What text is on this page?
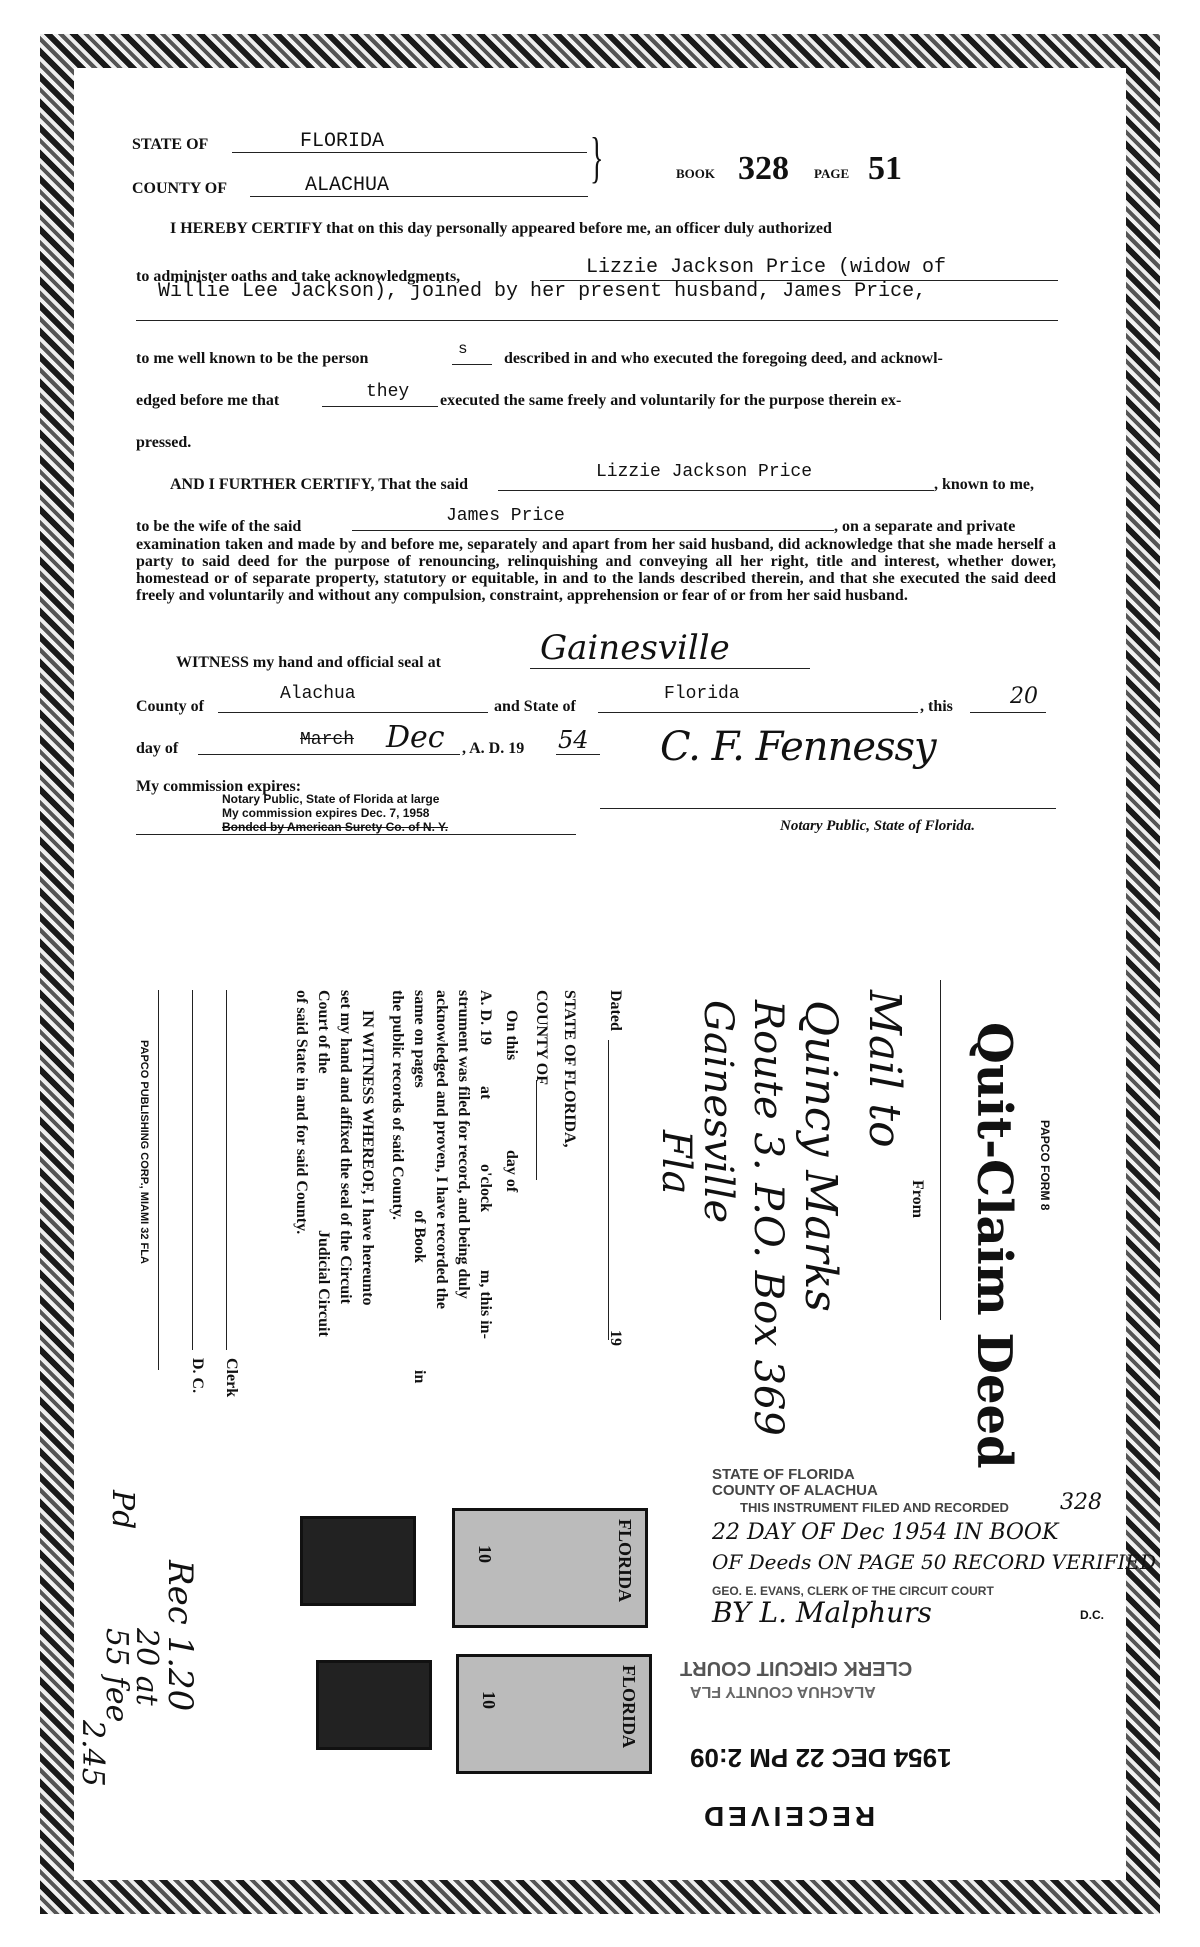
STATE OF	FLORIDA
COUNTY OF	ALACHUA	}	BOOK 328 PAGE 51
I HEREBY CERTIFY that on this day personally appeared before me, an officer duly authorized
to administer oaths and take acknowledgments,	Lizzie Jackson Price (widow of
Willie Lee Jackson), joined by her present husband, James Price,
to me well known to be the person
s
described in and who executed the foregoing deed, and acknowl-
edged before me that	they executed the same freely and voluntarily for the purpose therein ex-
pressed.
AND I FURTHER CERTIFY, That the said
Lizzie Jackson Price
, known to me,
to be the wife of the said
James Price
, on a separate and private
examination taken and made by and before me, separately and apart from her said husband, did acknowledge that she made herself a party to said deed for the purpose of renouncing, relinquishing and conveying all her right, title and interest, whether dower, homestead or of separate property, statutory or equitable, in and to the lands described therein, and that she executed the said deed freely and voluntarily and without any compulsion, constraint, apprehension or fear of or from her said husband.
WITNESS my hand and official seal at	Gainesville
County of
Alachua
and State of
Florida
, this	20
day of	March Dec , A. D. 19 54 C. F. Fennessy
Notary Public, State of Florida.
My commission expires:
Notary Public, State of Florida at large
My commission expires Dec. 7, 1958
Bonded by American Surety Co. of N. Y.
PAPCO FORM 8
Quit-Claim Deed
From
Mail to
Quincy Marks
Route 3. P.O. Box 369
Gainesville
Fla
Dated
19
STATE OF FLORIDA,
COUNTY OF
On this
day of
A. D. 19
at
o'clock
m, this in-
strument was filed for record, and being duly
acknowledged and proven, I have recorded the
same on pages
of Book
in
the public records of said County.
IN WITNESS WHEREOF, I have hereunto
set my hand and affixed the seal of the Circuit
Court of the
Judicial Circuit
of said State in and for said County.
Clerk
D. C.
PAPCO PUBLISHING CORP., MIAMI 32 FLA
FLORIDA
10
FLORIDA
10
STATE OF FLORIDA
COUNTY OF ALACHUA
THIS INSTRUMENT FILED AND RECORDED 328
22 DAY OF Dec 1954 IN BOOK
OF Deeds ON PAGE 50 RECORD VERIFIED
GEO. E. EVANS, CLERK OF THE CIRCUIT COURT
BY L. Malphurs	D.C.
CLERK CIRCUIT COURT
ALACHUA COUNTY FLA
1954 DEC 22 PM 2:09
RECEIVED
Pd
Rec 1.20
20 at
55 fee
2.45
